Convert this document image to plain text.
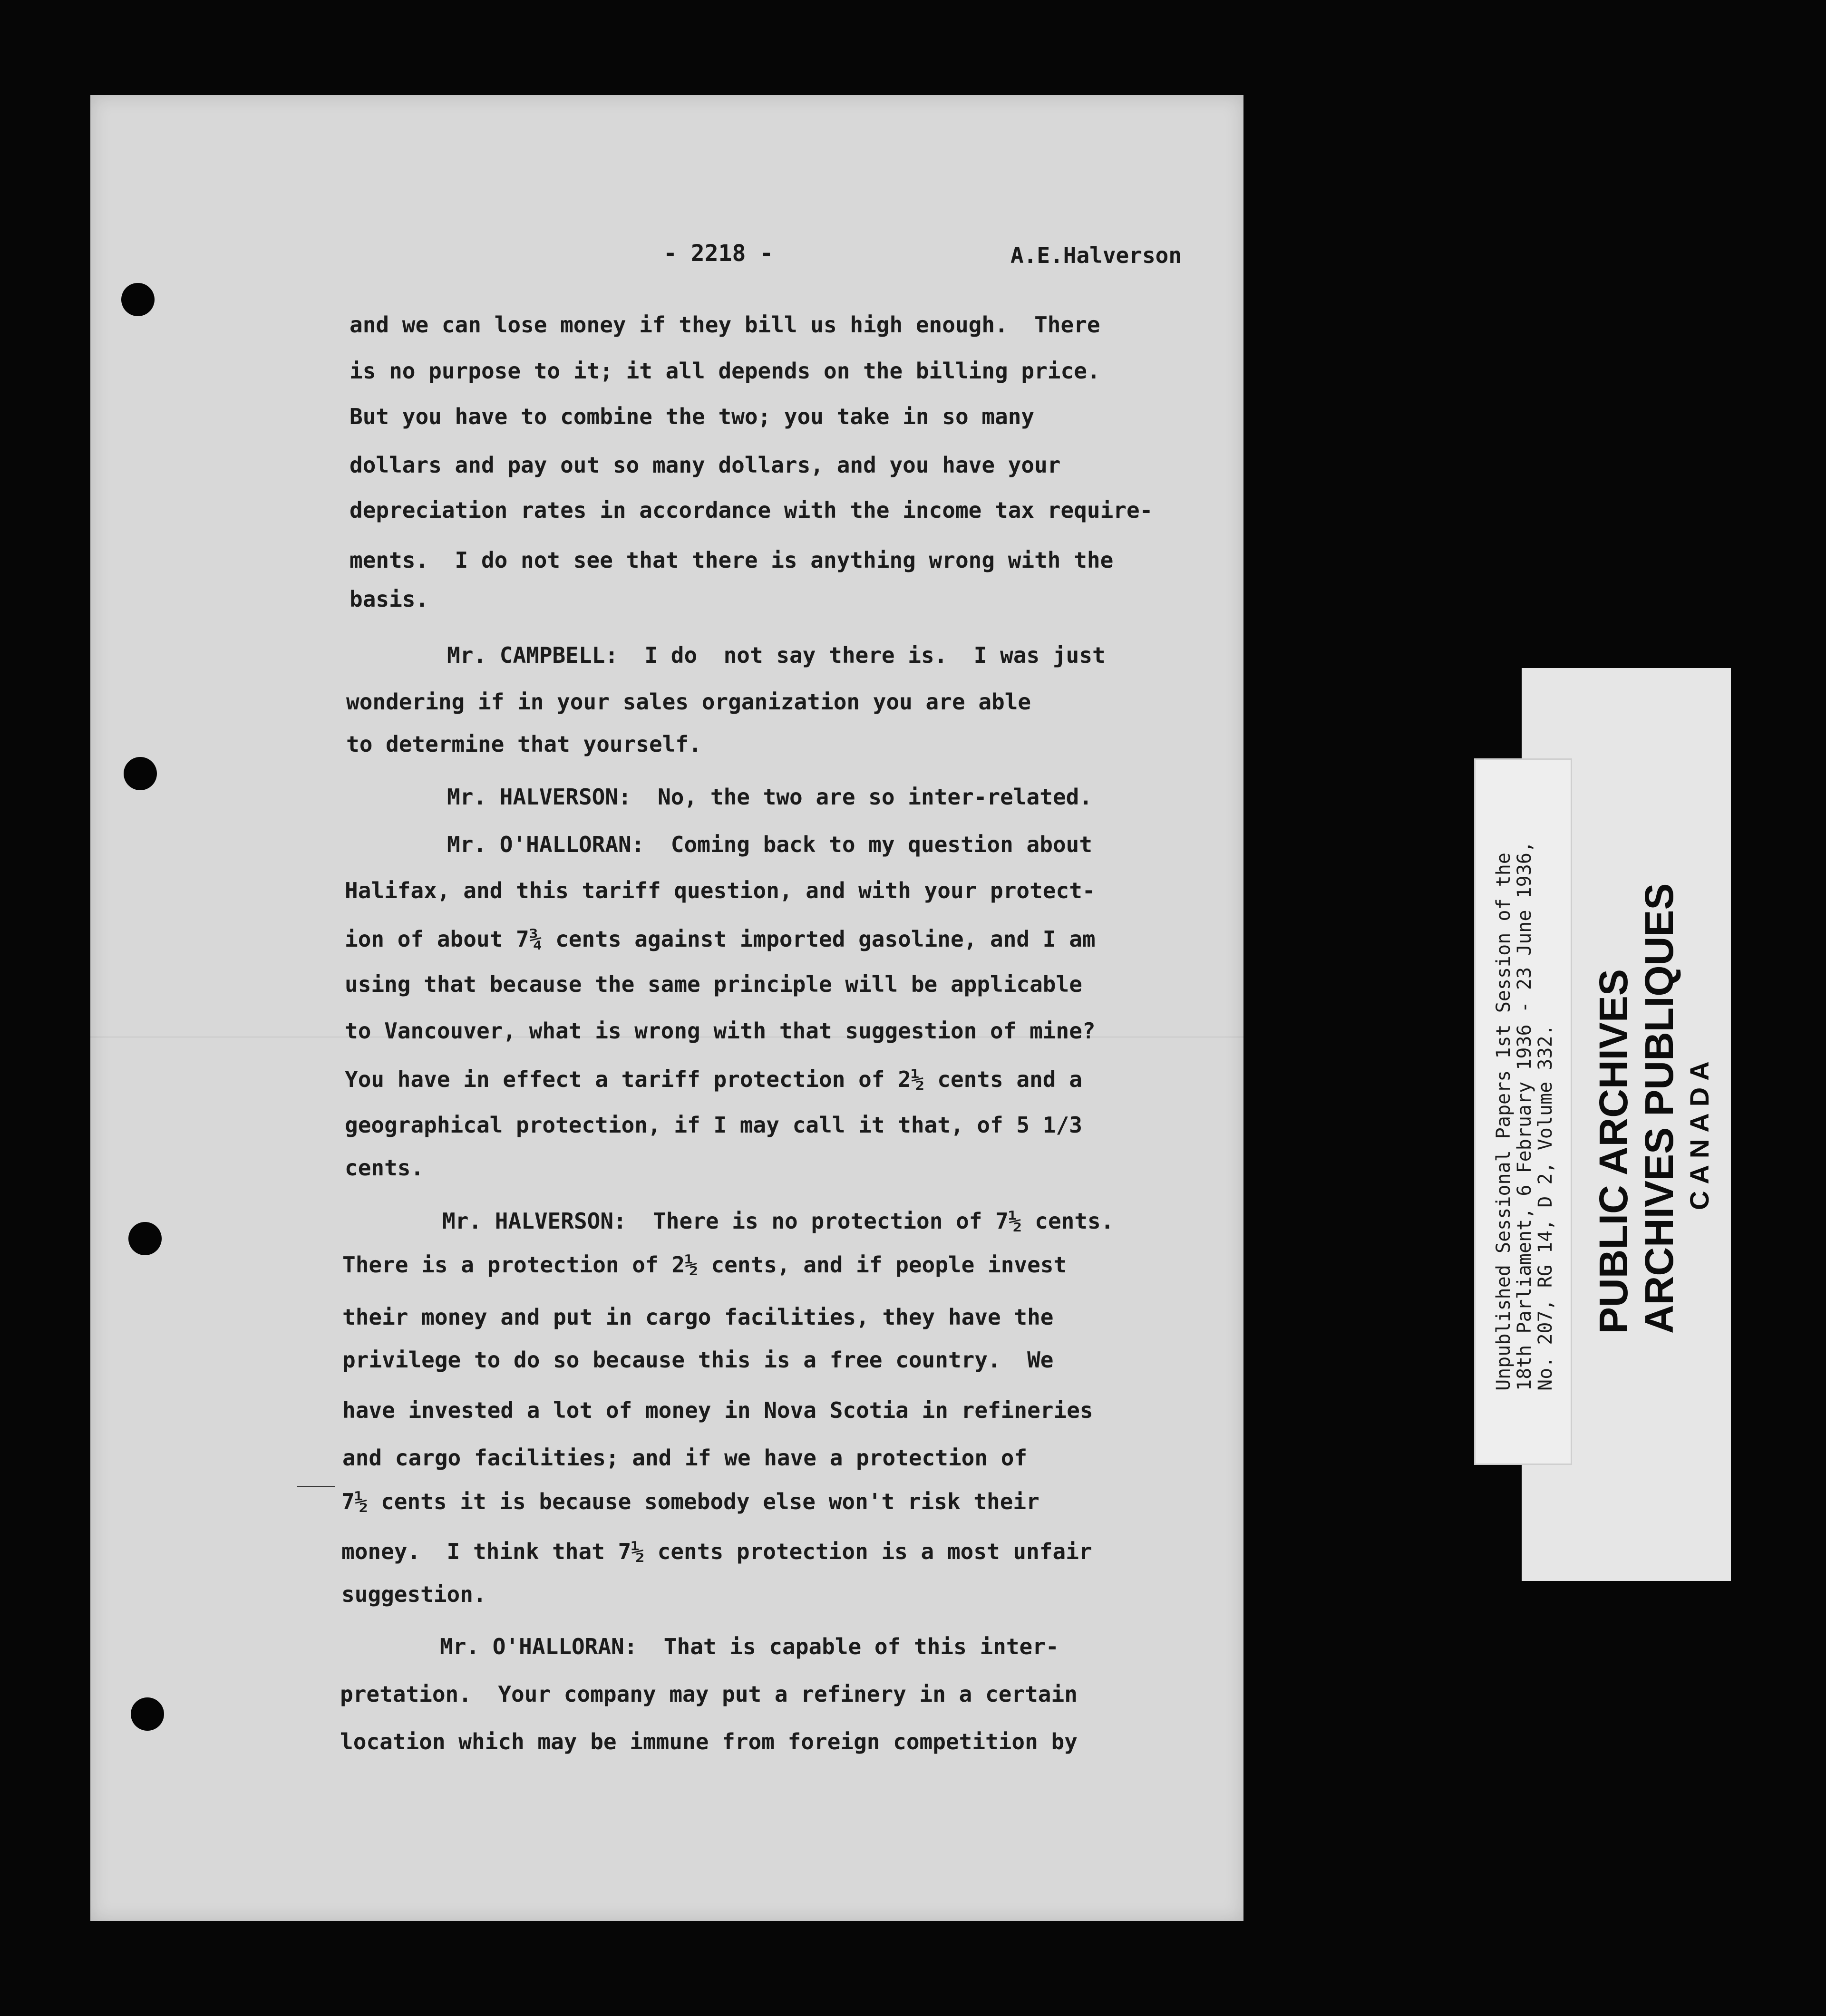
- 2218 -	A.E.Halverson
and we can lose money if they bill us high enough.  There
is no purpose to it; it all depends on the billing price.
But you have to combine the two; you take in so many
dollars and pay out so many dollars, and you have your
depreciation rates in accordance with the income tax require-
ments.  I do not see that there is anything wrong with the
basis.
Mr. CAMPBELL:  I do  not say there is.  I was just
wondering if in your sales organization you are able
to determine that yourself.
Mr. HALVERSON:  No, the two are so inter-related.
Mr. O'HALLORAN:  Coming back to my question about
Halifax, and this tariff question, and with your protect-
ion of about 7¾ cents against imported gasoline, and I am
using that because the same principle will be applicable
to Vancouver, what is wrong with that suggestion of mine?
You have in effect a tariff protection of 2½ cents and a
geographical protection, if I may call it that, of 5 1/3
cents.
Mr. HALVERSON:  There is no protection of 7½ cents.
There is a protection of 2½ cents, and if people invest
their money and put in cargo facilities, they have the
privilege to do so because this is a free country.  We
have invested a lot of money in Nova Scotia in refineries
and cargo facilities; and if we have a protection of
7½ cents it is because somebody else won't risk their
money.  I think that 7½ cents protection is a most unfair
suggestion.
Mr. O'HALLORAN:  That is capable of this inter-
pretation.  Your company may put a refinery in a certain
location which may be immune from foreign competition by
Unpublished Sessional Papers 1st Session of the
18th Parliament, 6 February 1936 - 23 June 1936,
No. 207, RG 14, D 2, Volume 332. PUBLIC ARCHIVES ARCHIVES PUBLIQUES CANADA
